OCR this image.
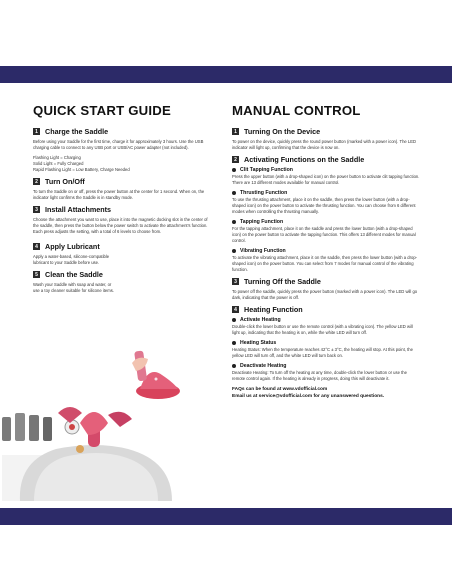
QUICK START GUIDE
1 Charge the Saddle

Before using your Saddle for the first time, charge it for approximately 3 hours. Use the USB charging cable to connect to any USB port or USB/AC power adapter (not included).

Flashing Light = Charging

Solid Light = Fully Charged

Rapid Flashing Light = Low Battery, Charge Needed

2 Turn On/Off

To turn the Saddle on or off, press the power button at the center for 1 second. When on, the indicator light confirms the Saddle is in standby mode.

3 Install Attachments

Choose the attachment you want to use, place it into the magnetic docking slot in the center of the saddle, then press the button below the power switch to activate the attachment's function. Each press adjusts the setting, with a total of 6 levels to choose from.

4 Apply Lubricant

Apply a water-based, silicone-compatible lubricant to your Saddle before use.

5 Clean the Saddle

Wash your Saddle with soap and water, or use a toy cleaner suitable for silicone items.

MANUAL CONTROL
1 Turning On the Device

To power on the device, quickly press the round power button (marked with a power icon). The LED indicator will light up, confirming that the device is now on.

2 Activating Functions on the Saddle
Clit Tapping Function

Press the upper button (with a drop-shaped icon) on the power button to activate clit tapping function. There are 13 different modes available for manual control.

Thrusting Function

To use the thrusting attachment, place it on the saddle, then press the lower button (with a drop-shaped icon) on the power button to activate the thrusting function. You can choose from 6 different modes when controlling the thrusting manually.

Tapping Function

For the tapping attachment, place it on the saddle and press the lower button (with a drop-shaped icon) on the power button to activate the tapping function. This offers 13 different modes for manual control.

Vibrating Function

To activate the vibrating attachment, place it on the saddle, then press the lower button (with a drop-shaped icon) on the power button. You can select from 7 modes for manual control of the vibrating function.

3 Turning Off the Saddle

To power off the saddle, quickly press the power button (marked with a power icon). The LED will go dark, indicating that the power is off.

4 Heating Function
Activate Heating

Double-click the lower button or use the remote control (with a vibrating icon). The yellow LED will light up, indicating that the heating is on, while the white LED will turn off.

Heating Status

Heating Status: When the temperature reaches 42°C ± 3°C, the heating will stop. At this point, the yellow LED will turn off, and the white LED will turn back on.

Deactivate Heating

Deactivate Heating: To turn off the heating at any time, double-click the lower button or use the remote control again. If the heating is already in progress, doing this will deactivate it.

FAQs can be found at www.vdofficial.com

Email us at service@vdofficial.com for any unanswered questions.
